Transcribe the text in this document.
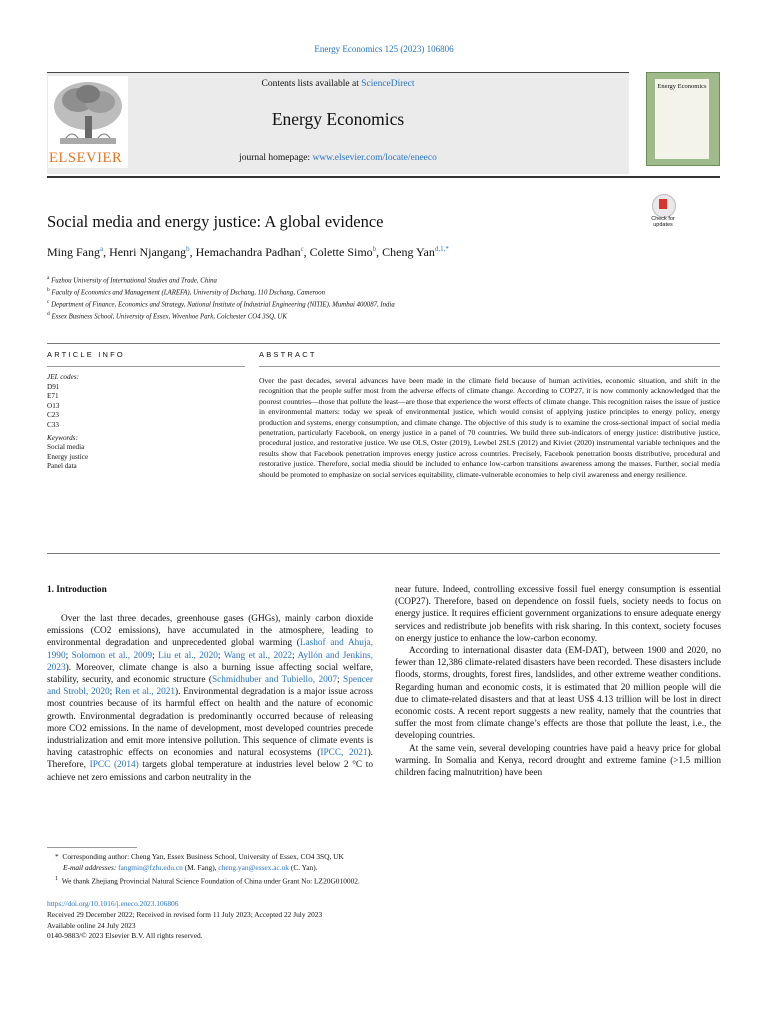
Energy Economics 125 (2023) 106806
Contents lists available at ScienceDirect
Energy Economics
journal homepage: www.elsevier.com/locate/eneeco
ELSEVIER
Energy Economics
Social media and energy justice: A global evidence	Check for updates
Ming Fang$^a$, Henri Njangang$^b$, Hemachandra Padhan$^c$, Colette Simo$^b$, Cheng Yan$^{d,1,*}$
$^a$ Fuzhou University of International Studies and Trade, China
$^b$ Faculty of Economics and Management (LAREFA), University of Dschang, 110 Dschang, Cameroon
$^c$ Department of Finance, Economics and Strategy, National Institute of Industrial Engineering (NITIE), Mumbai 400087, India
$^d$ Essex Business School, University of Essex, Wivenhoe Park, Colchester CO4 3SQ, UK
ARTICLE INFO	ABSTRACT
JEL codes:
D91
E71
O13
C23
C33
Keywords:
Social media
Energy justice
Panel data
Over the past decades, several advances have been made in the climate field because of human activities, economic situation, and shift in the recognition that the people suffer most from the adverse effects of climate change. According to COP27, it is now commonly acknowledged that the poorest countries—those that pollute the least—are those that experience the worst effects of climate change. This recognition raises the issue of justice in environmental matters: today we speak of environmental justice, which would consist of applying justice principles to energy policy, energy production and systems, energy consumption, and climate change. The objective of this study is to examine the cross-sectional impact of social media penetration, particularly Facebook, on energy justice in a panel of 70 countries. We build three sub-indicators of energy justice: distributive justice, procedural justice, and restorative justice. We use OLS, Oster (2019), Lewbel 2SLS (2012) and Kiviet (2020) instrumental variable techniques and the results show that Facebook penetration improves energy justice across countries. Precisely, Facebook penetration boosts distributive, procedural and restorative justice. Therefore, social media should be included to enhance low-carbon transitions awareness among the masses. Further, social media should be promoted to emphasize on social services equitability, climate-vulnerable economies to help civil awareness and energy resilience.
1. Introduction

Over the last three decades, greenhouse gases (GHGs), mainly carbon dioxide emissions (CO2 emissions), have accumulated in the atmosphere, leading to environmental degradation and unprecedented global warming (Lashof and Ahuja, 1990; Solomon et al., 2009; Liu et al., 2020; Wang et al., 2022; Ayllón and Jenkins, 2023). Moreover, climate change is also a burning issue affecting social welfare, stability, security, and economic structure (Schmidhuber and Tubiello, 2007; Spencer and Strobl, 2020; Ren et al., 2021). Environmental degradation is a major issue across most countries because of its harmful effect on health and the nature of economic growth. Environmental degradation is predominantly occurred because of releasing more CO2 emissions. In the name of development, most developed countries precede industrialization and emit more intensive pollution. This sequence of climate events is having catastrophic effects on economies and natural ecosystems (IPCC, 2021). Therefore, IPCC (2014) targets global temperature at industries level below 2 °C to achieve net zero emissions and carbon neutrality in the

near future. Indeed, controlling excessive fossil fuel energy consumption is essential (COP27). Therefore, based on dependence on fossil fuels, society needs to focus on energy justice. It requires efficient government organizations to ensure adequate energy services and redistribute job benefits with risk sharing. In this context, society focuses on energy justice to enhance the low-carbon economy.

According to international disaster data (EM-DAT), between 1900 and 2020, no fewer than 12,386 climate-related disasters have been recorded. These disasters include floods, storms, droughts, forest fires, landslides, and other extreme weather conditions. Regarding human and economic costs, it is estimated that 20 million people will die due to climate-related disasters and that at least US$ 4.13 trillion will be lost in direct economic costs. A recent report suggests a new reality, namely that the countries that suffer the most from climate change’s effects are those that pollute the least, i.e., the developing countries.

At the same vein, several developing countries have paid a heavy price for global warming. In Somalia and Kenya, record drought and extreme famine (>1.5 million children facing malnutrition) have been

* Corresponding author: Cheng Yan, Essex Business School, University of Essex, CO4 3SQ, UK
E-mail addresses: fangmin@fzfu.edu.cn (M. Fang), cheng.yan@essex.ac.uk (C. Yan).
$^1$ We thank Zhejiang Provincial Natural Science Foundation of China under Grant No: LZ20G010002.
https://doi.org/10.1016/j.eneco.2023.106806
Received 29 December 2022; Received in revised form 11 July 2023; Accepted 22 July 2023
Available online 24 July 2023
0140-9883/© 2023 Elsevier B.V. All rights reserved.
